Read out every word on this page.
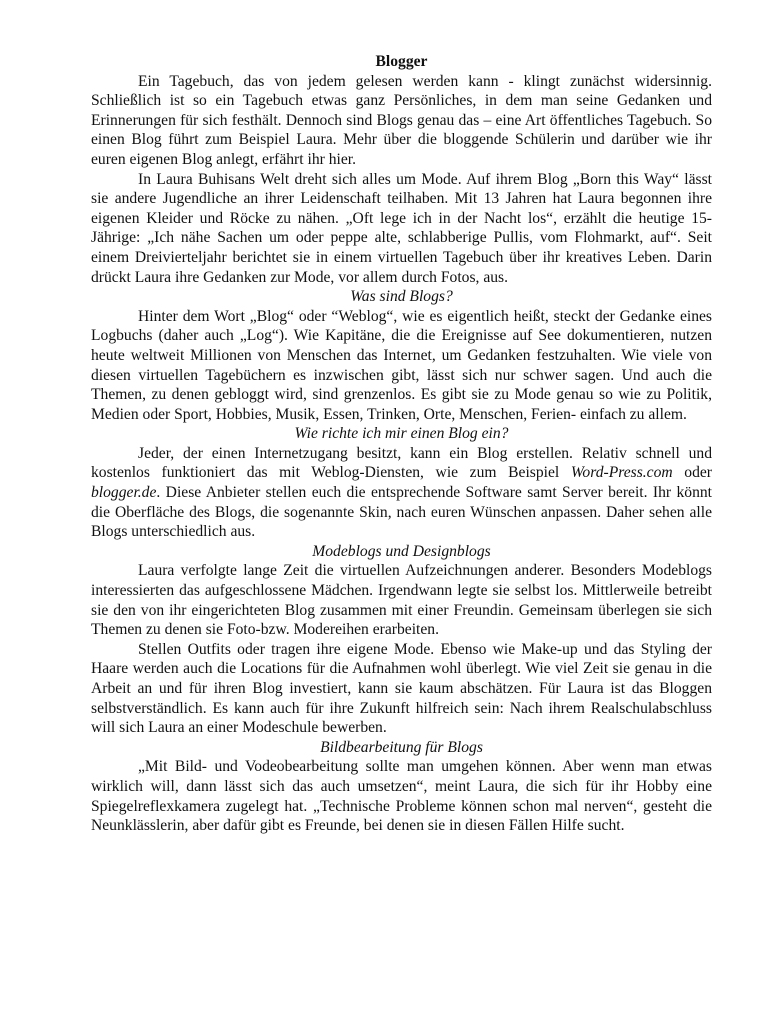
Blogger

Ein Tagebuch, das von jedem gelesen werden kann - klingt zunächst widersinnig. Schließlich ist so ein Tagebuch etwas ganz Persönliches, in dem man seine Gedanken und Erinnerungen für sich festhält. Dennoch sind Blogs genau das – eine Art öffentliches Tagebuch. So einen Blog führt zum Beispiel Laura. Mehr über die bloggende Schülerin und darüber wie ihr euren eigenen Blog anlegt, erfährt ihr hier.

In Laura Buhisans Welt dreht sich alles um Mode. Auf ihrem Blog „Born this Way“ lässt sie andere Jugendliche an ihrer Leidenschaft teilhaben. Mit 13 Jahren hat Laura begonnen ihre eigenen Kleider und Röcke zu nähen. „Oft lege ich in der Nacht los“, erzählt die heutige 15-Jährige: „Ich nähe Sachen um oder peppe alte, schlabberige Pullis, vom Flohmarkt, auf“. Seit einem Dreivierteljahr berichtet sie in einem virtuellen Tagebuch über ihr kreatives Leben. Darin drückt Laura ihre Gedanken zur Mode, vor allem durch Fotos, aus.

Was sind Blogs?

Hinter dem Wort „Blog“ oder “Weblog“, wie es eigentlich heißt, steckt der Gedanke eines Logbuchs (daher auch „Log“). Wie Kapitäne, die die Ereignisse auf See dokumentieren, nutzen heute weltweit Millionen von Menschen das Internet, um Gedanken festzuhalten. Wie viele von diesen virtuellen Tagebüchern es inzwischen gibt, lässt sich nur schwer sagen. Und auch die Themen, zu denen gebloggt wird, sind grenzenlos. Es gibt sie zu Mode genau so wie zu Politik, Medien oder Sport, Hobbies, Musik, Essen, Trinken, Orte, Menschen, Ferien- einfach zu allem.

Wie richte ich mir einen Blog ein?

Jeder, der einen Internetzugang besitzt, kann ein Blog erstellen. Relativ schnell und kostenlos funktioniert das mit Weblog-Diensten, wie zum Beispiel Word-Press.com oder blogger.de. Diese Anbieter stellen euch die entsprechende Software samt Server bereit. Ihr könnt die Oberfläche des Blogs, die sogenannte Skin, nach euren Wünschen anpassen. Daher sehen alle Blogs unterschiedlich aus.

Modeblogs und Designblogs

Laura verfolgte lange Zeit die virtuellen Aufzeichnungen anderer. Besonders Modeblogs interessierten das aufgeschlossene Mädchen. Irgendwann legte sie selbst los. Mittlerweile betreibt sie den von ihr eingerichteten Blog zusammen mit einer Freundin. Gemeinsam überlegen sie sich Themen zu denen sie Foto-bzw. Modereihen erarbeiten.

Stellen Outfits oder tragen ihre eigene Mode. Ebenso wie Make-up und das Styling der Haare werden auch die Locations für die Aufnahmen wohl überlegt. Wie viel Zeit sie genau in die Arbeit an und für ihren Blog investiert, kann sie kaum abschätzen. Für Laura ist das Bloggen selbstverständlich. Es kann auch für ihre Zukunft hilfreich sein: Nach ihrem Realschulabschluss will sich Laura an einer Modeschule bewerben.

Bildbearbeitung für Blogs

„Mit Bild- und Vodeobearbeitung sollte man umgehen können. Aber wenn man etwas wirklich will, dann lässt sich das auch umsetzen“, meint Laura, die sich für ihr Hobby eine Spiegelreflexkamera zugelegt hat. „Technische Probleme können schon mal nerven“, gesteht die Neunklässlerin, aber dafür gibt es Freunde, bei denen sie in diesen Fällen Hilfe sucht.
